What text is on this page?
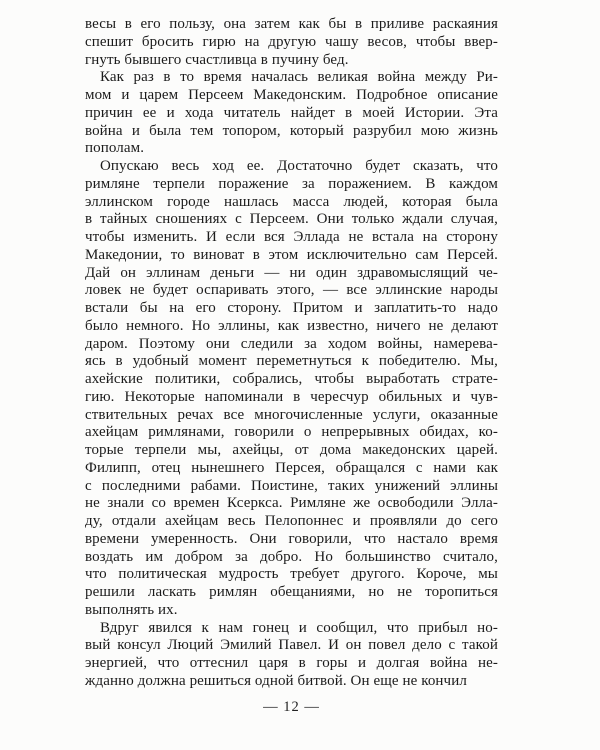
весы в его пользу, она затем как бы в приливе раскаяния
спешит бросить гирю на другую чашу весов, чтобы ввер-
гнуть бывшего счастливца в пучину бед.
Как раз в то время началась великая война между Ри-
мом и царем Персеем Македонским. Подробное описание
причин ее и хода читатель найдет в моей Истории. Эта
война и была тем топором, который разрубил мою жизнь
пополам.
Опускаю весь ход ее. Достаточно будет сказать, что
римляне терпели поражение за поражением. В каждом
эллинском городе нашлась масса людей, которая была
в тайных сношениях с Персеем. Они только ждали случая,
чтобы изменить. И если вся Эллада не встала на сторону
Македонии, то виноват в этом исключительно сам Персей.
Дай он эллинам деньги — ни один здравомыслящий че-
ловек не будет оспаривать этого, — все эллинские народы
встали бы на его сторону. Притом и заплатить-то надо
было немного. Но эллины, как известно, ничего не делают
даром. Поэтому они следили за ходом войны, намерева-
ясь в удобный момент переметнуться к победителю. Мы,
ахейские политики, собрались, чтобы выработать страте-
гию. Некоторые напоминали в чересчур обильных и чув-
ствительных речах все многочисленные услуги, оказанные
ахейцам римлянами, говорили о непрерывных обидах, ко-
торые терпели мы, ахейцы, от дома македонских царей.
Филипп, отец нынешнего Персея, обращался с нами как
с последними рабами. Поистине, таких унижений эллины
не знали со времен Ксеркса. Римляне же освободили Элла-
ду, отдали ахейцам весь Пелопоннес и проявляли до сего
времени умеренность. Они говорили, что настало время
воздать им добром за добро. Но большинство считало,
что политическая мудрость требует другого. Короче, мы
решили ласкать римлян обещаниями, но не торопиться
выполнять их.
Вдруг явился к нам гонец и сообщил, что прибыл но-
вый консул Люций Эмилий Павел. И он повел дело с такой
энергией, что оттеснил царя в горы и долгая война не-
жданно должна решиться одной битвой. Он еще не кончил
— 12 —
